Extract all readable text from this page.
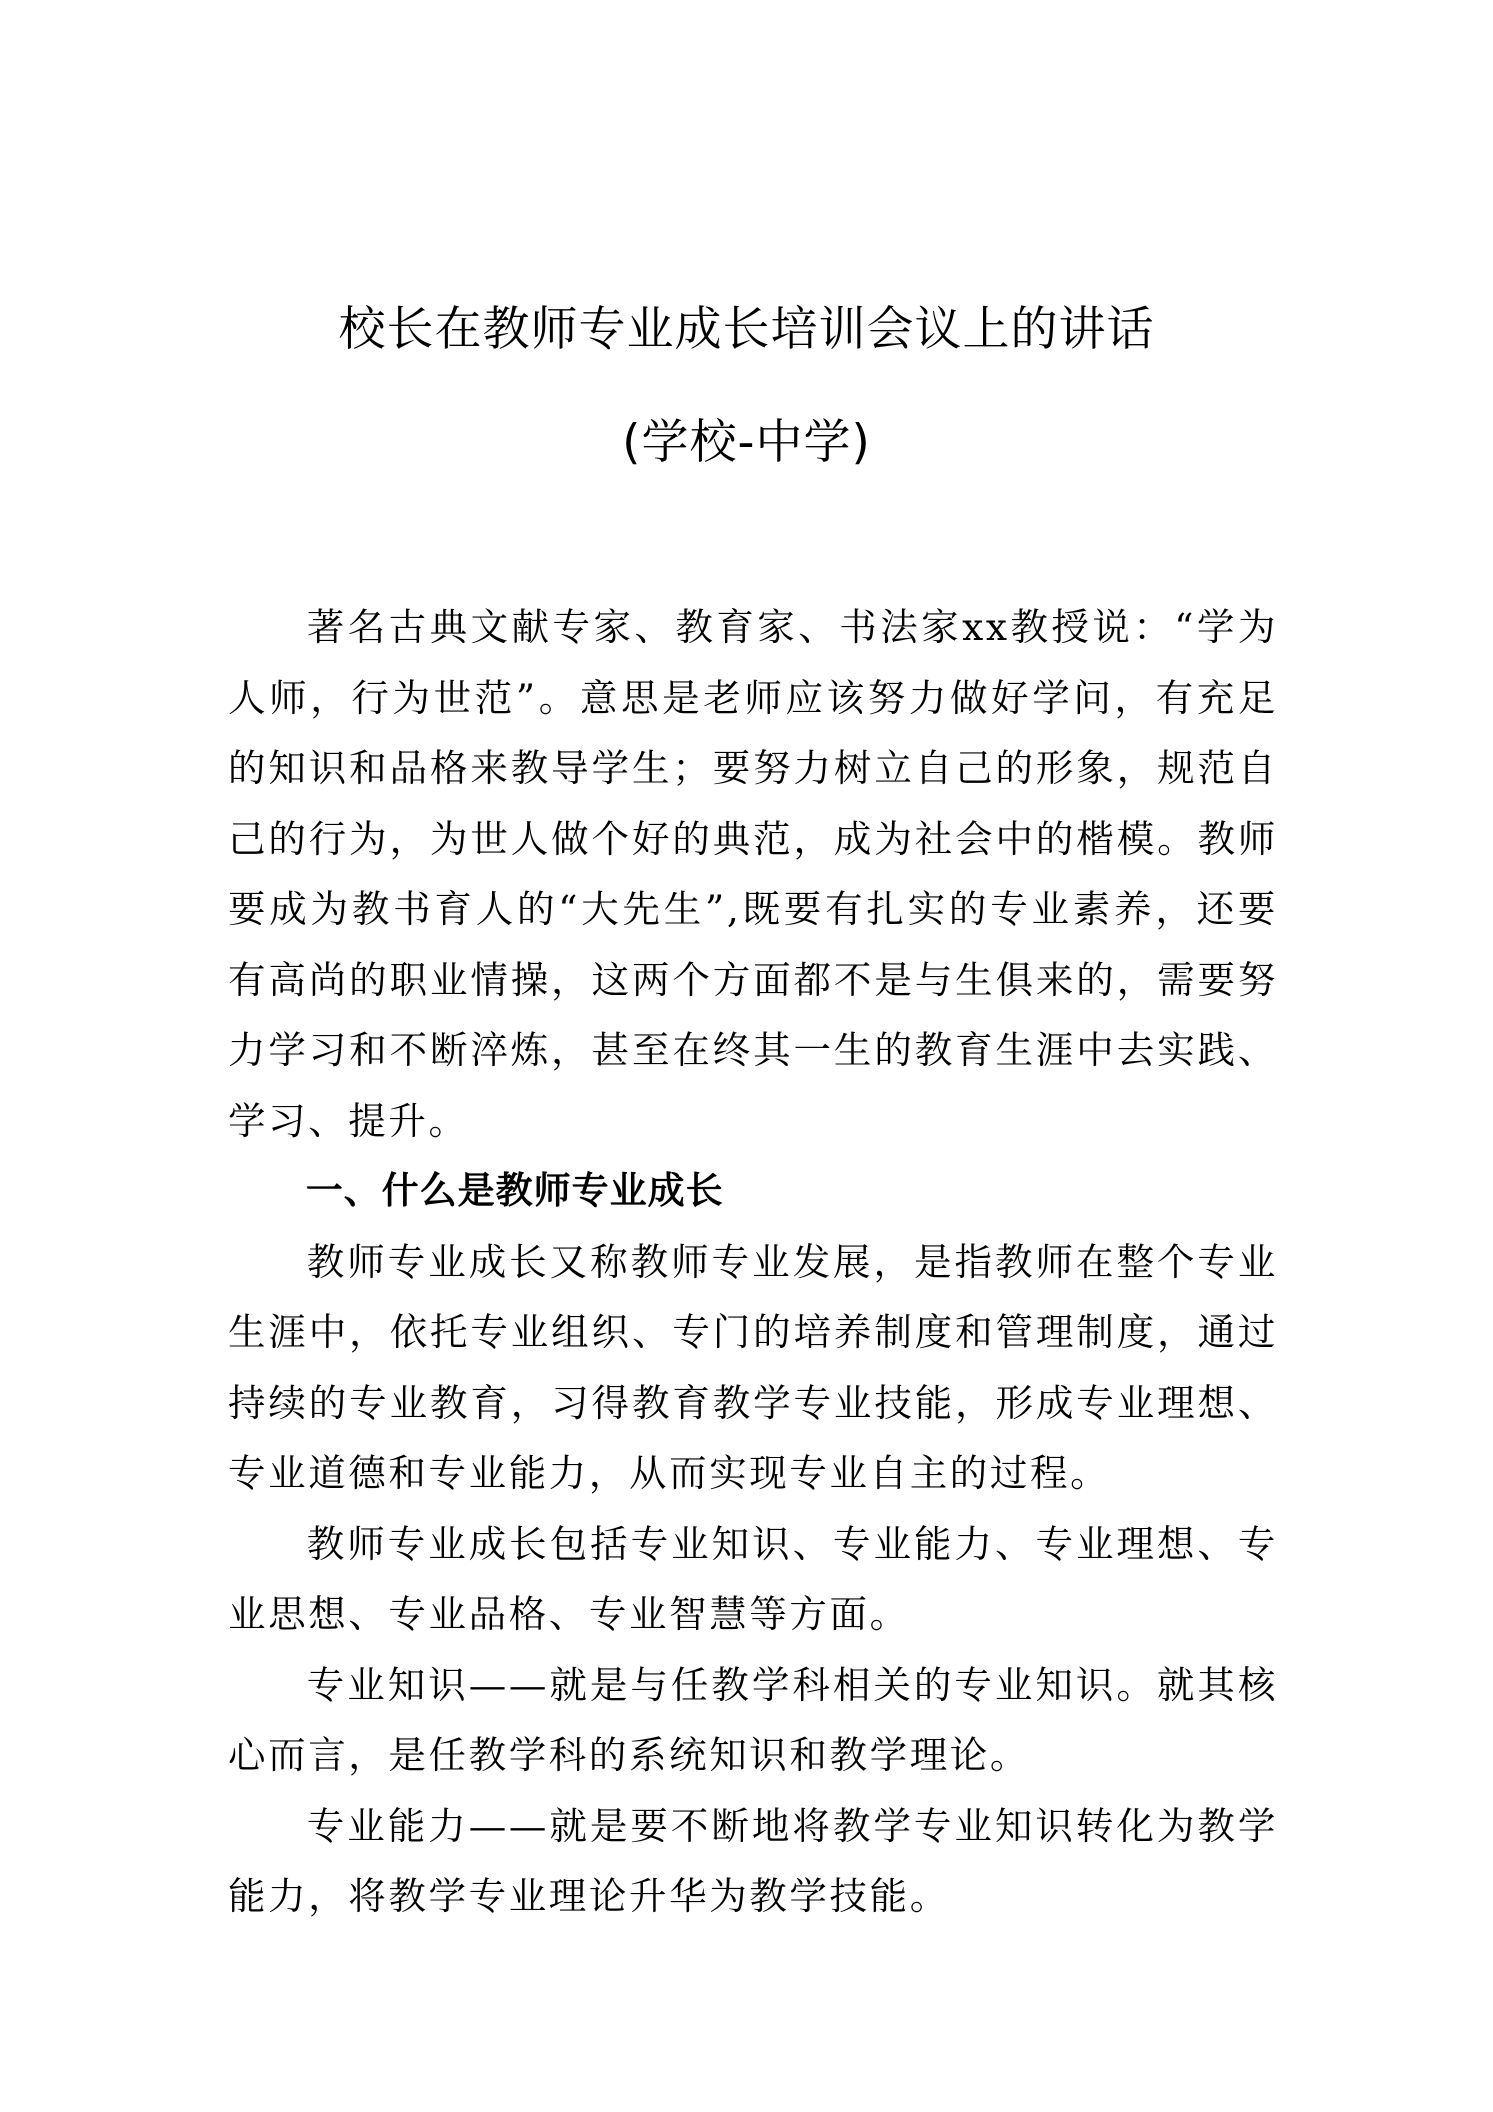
校长在教师专业成长培训会议上的讲话
(学校-中学)

著名古典文献专家、教育家、书法家xx教授说：“学为人师，行为世范”。意思是老师应该努力做好学问，有充足的知识和品格来教导学生；要努力树立自己的形象，规范自己的行为，为世人做个好的典范，成为社会中的楷模。教师要成为教书育人的“大先生”,既要有扎实的专业素养，还要有高尚的职业情操，这两个方面都不是与生俱来的，需要努力学习和不断淬炼，甚至在终其一生的教育生涯中去实践、学习、提升。

一、什么是教师专业成长

教师专业成长又称教师专业发展，是指教师在整个专业生涯中，依托专业组织、专门的培养制度和管理制度，通过持续的专业教育，习得教育教学专业技能，形成专业理想、专业道德和专业能力，从而实现专业自主的过程。

教师专业成长包括专业知识、专业能力、专业理想、专业思想、专业品格、专业智慧等方面。

专业知识——就是与任教学科相关的专业知识。就其核心而言，是任教学科的系统知识和教学理论。

专业能力——就是要不断地将教学专业知识转化为教学能力，将教学专业理论升华为教学技能。
